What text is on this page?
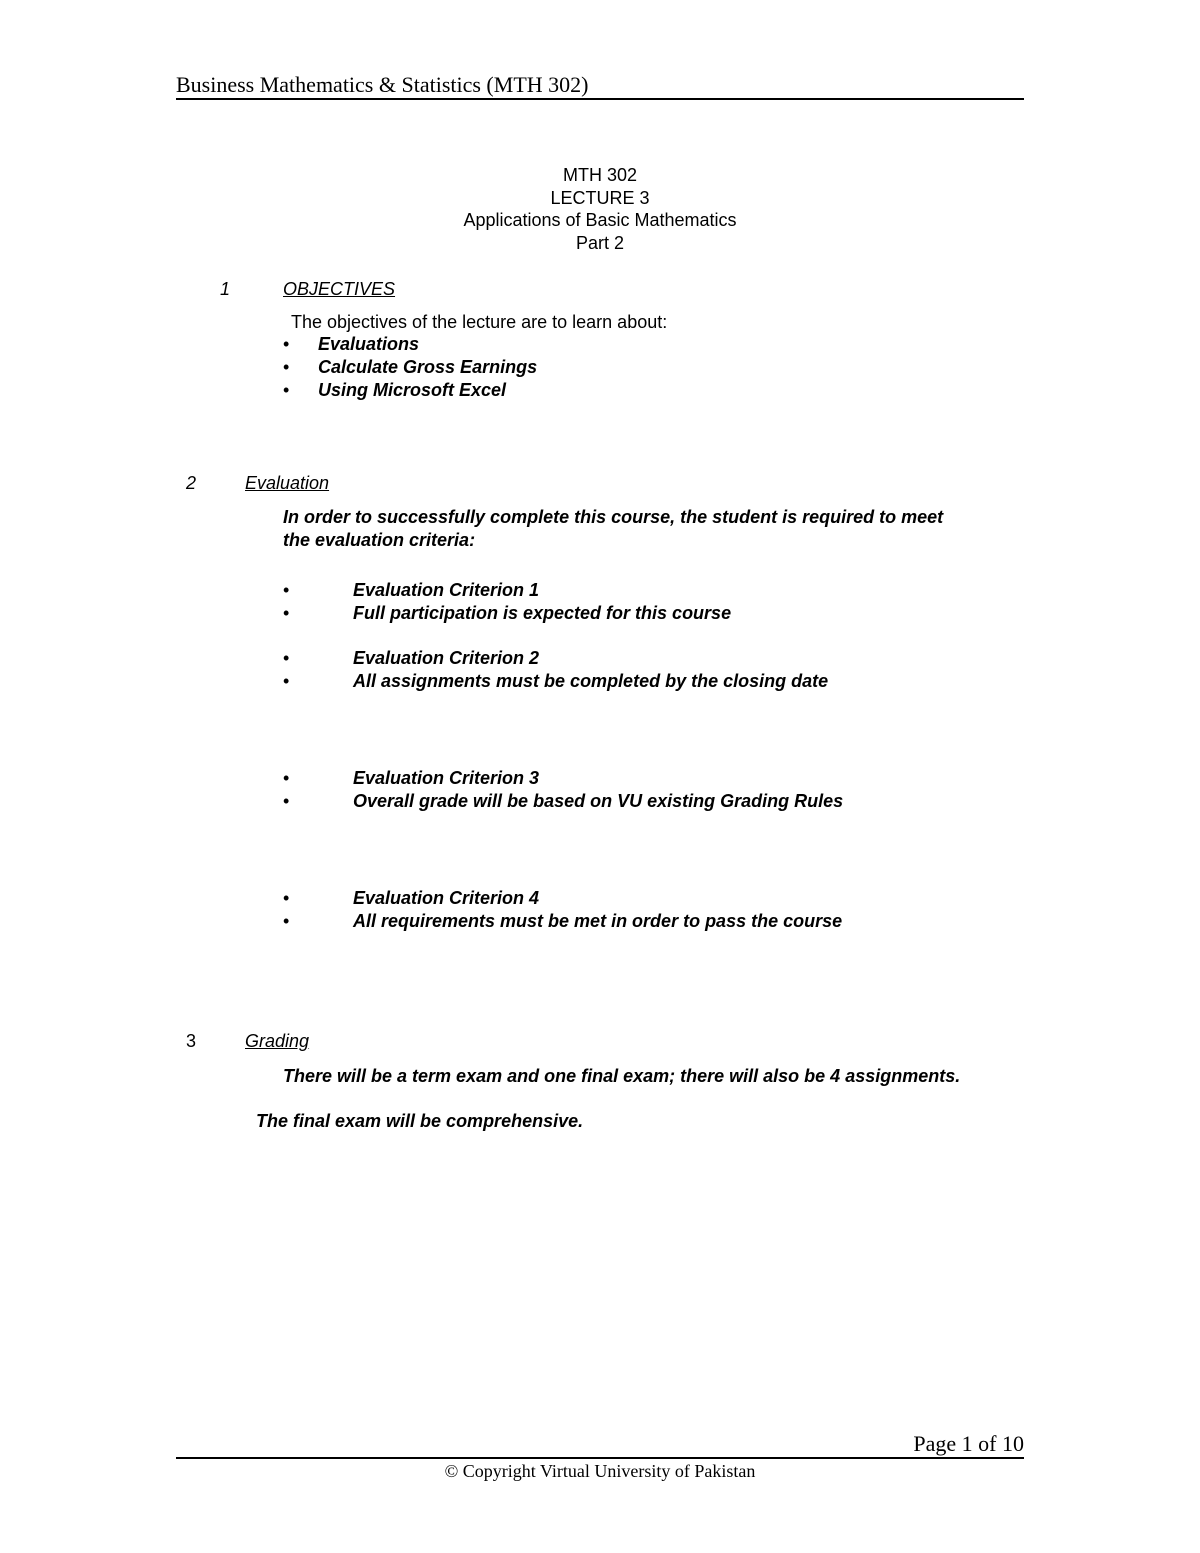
Business Mathematics & Statistics (MTH 302)
MTH 302
LECTURE 3
Applications of Basic Mathematics
Part 2
1	OBJECTIVES
The objectives of the lecture are to learn about:
• Evaluations
• Calculate Gross Earnings
• Using Microsoft Excel
2	Evaluation
In order to successfully complete this course, the student is required to meet
the evaluation criteria:
•	Evaluation Criterion 1
•	Full participation is expected for this course
•	Evaluation Criterion 2
•	All assignments must be completed by the closing date
•	Evaluation Criterion 3
•	Overall grade will be based on VU existing Grading Rules
•	Evaluation Criterion 4
•	All requirements must be met in order to pass the course
3	Grading
There will be a term exam and one final exam; there will also be 4 assignments.
The final exam will be comprehensive.
Page 1 of 10
© Copyright Virtual University of Pakistan
